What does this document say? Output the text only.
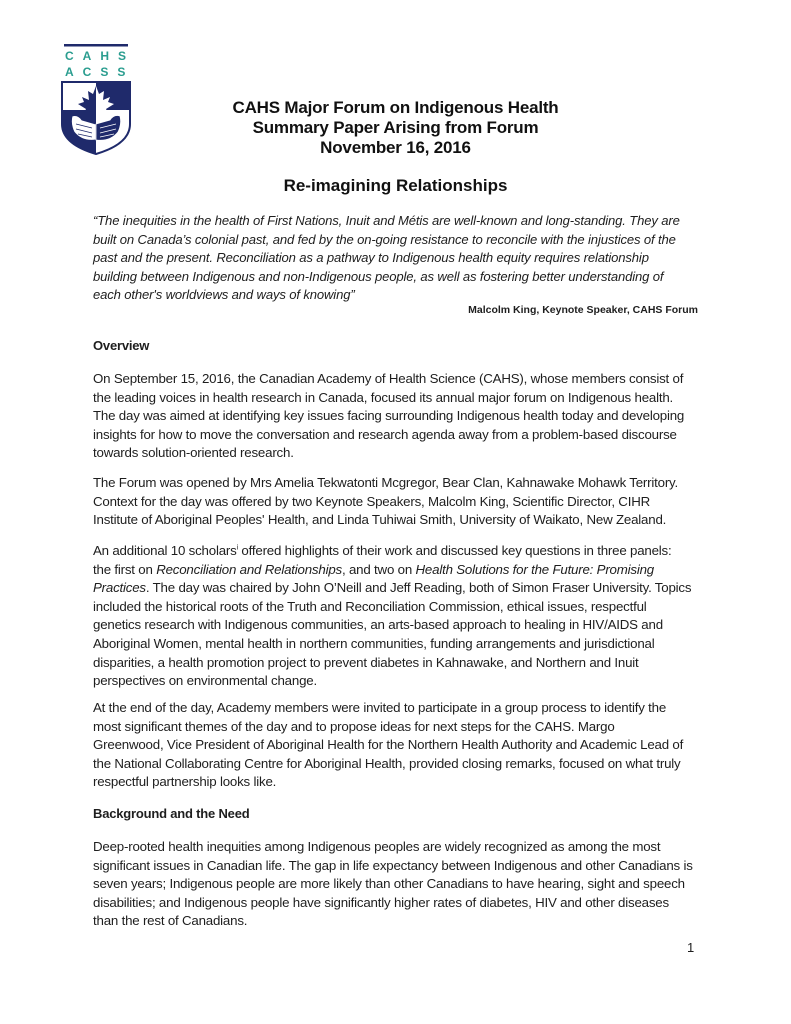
CAHS
ACSS
CAHS Major Forum on Indigenous Health
Summary Paper Arising from Forum
November 16, 2016
Re-imagining Relationships
“The inequities in the health of First Nations, Inuit and Métis are well-known and long-standing. They are
built on Canada’s colonial past, and fed by the on-going resistance to reconcile with the injustices of the
past and the present. Reconciliation as a pathway to Indigenous health equity requires relationship
building between Indigenous and non-Indigenous people, as well as fostering better understanding of
each other's worldviews and ways of knowing”
Malcolm King, Keynote Speaker, CAHS Forum
Overview
On September 15, 2016, the Canadian Academy of Health Science (CAHS), whose members consist of
the leading voices in health research in Canada, focused its annual major forum on Indigenous health.
The day was aimed at identifying key issues facing surrounding Indigenous health today and developing
insights for how to move the conversation and research agenda away from a problem-based discourse
towards solution-oriented research.
The Forum was opened by Mrs Amelia Tekwatonti Mcgregor, Bear Clan, Kahnawake Mohawk Territory.
Context for the day was offered by two Keynote Speakers, Malcolm King, Scientific Director, CIHR
Institute of Aboriginal Peoples' Health, and Linda Tuhiwai Smith, University of Waikato, New Zealand.
An additional 10 scholars$^i$ offered highlights of their work and discussed key questions in three panels:
the first on Reconciliation and Relationships, and two on Health Solutions for the Future: Promising
Practices. The day was chaired by John O’Neill and Jeff Reading, both of Simon Fraser University. Topics
included the historical roots of the Truth and Reconciliation Commission, ethical issues, respectful
genetics research with Indigenous communities, an arts-based approach to healing in HIV/AIDS and
Aboriginal Women, mental health in northern communities, funding arrangements and jurisdictional
disparities, a health promotion project to prevent diabetes in Kahnawake, and Northern and Inuit
perspectives on environmental change.
At the end of the day, Academy members were invited to participate in a group process to identify the
most significant themes of the day and to propose ideas for next steps for the CAHS. Margo
Greenwood, Vice President of Aboriginal Health for the Northern Health Authority and Academic Lead of
the National Collaborating Centre for Aboriginal Health, provided closing remarks, focused on what truly
respectful partnership looks like.
Background and the Need
Deep-rooted health inequities among Indigenous peoples are widely recognized as among the most
significant issues in Canadian life. The gap in life expectancy between Indigenous and other Canadians is
seven years; Indigenous people are more likely than other Canadians to have hearing, sight and speech
disabilities; and Indigenous people have significantly higher rates of diabetes, HIV and other diseases
than the rest of Canadians.
1
